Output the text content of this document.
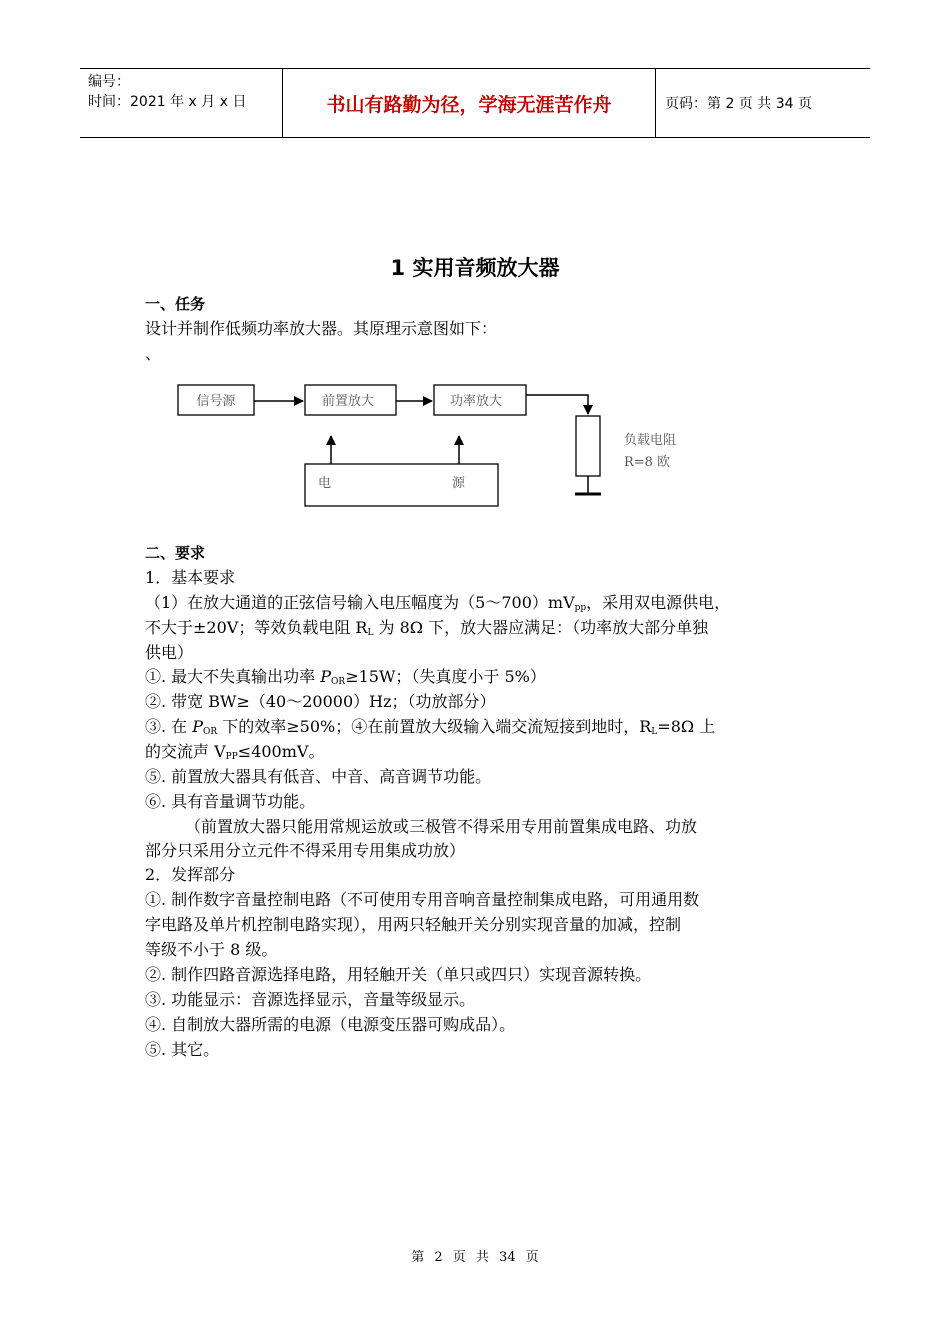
编号：
时间：2021 年 x 月 x 日	书山有路勤为径，学海无涯苦作舟	页码：第 2 页 共 34 页
1 实用音频放大器
一、任务
设计并制作低频功率放大器。其原理示意图如下：
、
信号源	前置放大	功率放大
负载电阻
R=8 欧
电	源
二、要求
1．基本要求
（1）在放大通道的正弦信号输入电压幅度为$(5\sim 700)mV_{pp}$，采用双电源供电，
不大于±20V；等效负载电阻 $R_L$ 为 8Ω 下，放大器应满足：（功率放大部分单独
供电）
①. 最大不失真输出功率 $P_{OR}\ge 15W$；（失真度小于 5%）
②. 带宽 BW≥（40～20000）Hz；（功放部分）
③. 在 $P_{OR}$ 下的效率≥50%；④在前置放大级输入端交流短接到地时，$R_L=8\Omega$ 上
的交流声 $V_{PP}\le 400mV$。
⑤. 前置放大器具有低音、中音、高音调节功能。
⑥. 具有音量调节功能。
（前置放大器只能用常规运放或三极管不得采用专用前置集成电路、功放
部分只采用分立元件不得采用专用集成功放）
2．发挥部分
①. 制作数字音量控制电路（不可使用专用音响音量控制集成电路，可用通用数
字电路及单片机控制电路实现），用两只轻触开关分别实现音量的加减，控制
等级不小于 8 级。
②. 制作四路音源选择电路，用轻触开关（单只或四只）实现音源转换。
③. 功能显示：音源选择显示，音量等级显示。
④. 自制放大器所需的电源（电源变压器可购成品）。
⑤. 其它。
第 2 页 共 34 页
